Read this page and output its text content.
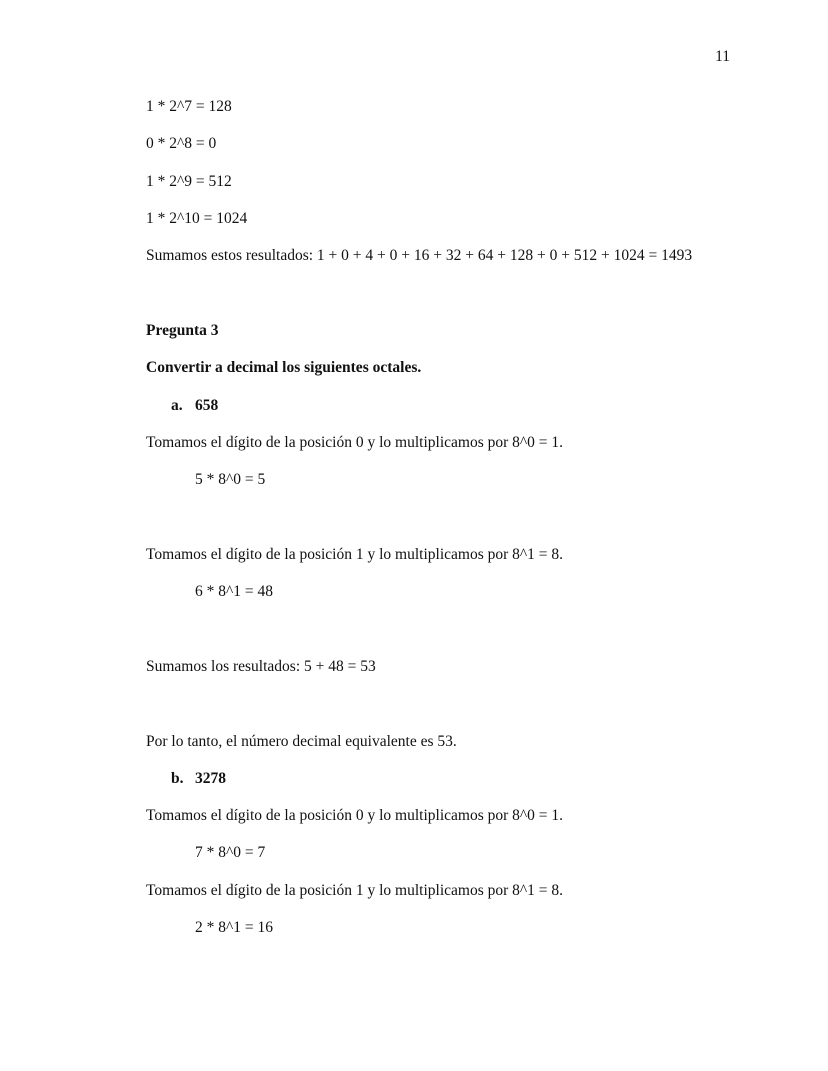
11
1 * 2^7 = 128
0 * 2^8 = 0
1 * 2^9 = 512
1 * 2^10 = 1024
Sumamos estos resultados: 1 + 0 + 4 + 0 + 16 + 32 + 64 + 128 + 0 + 512 + 1024 = 1493
Pregunta 3
Convertir a decimal los siguientes octales.
a. 658
Tomamos el dígito de la posición 0 y lo multiplicamos por 8^0 = 1.
5 * 8^0 = 5
Tomamos el dígito de la posición 1 y lo multiplicamos por 8^1 = 8.
6 * 8^1 = 48
Sumamos los resultados: 5 + 48 = 53
Por lo tanto, el número decimal equivalente es 53.
b. 3278
Tomamos el dígito de la posición 0 y lo multiplicamos por 8^0 = 1.
7 * 8^0 = 7
Tomamos el dígito de la posición 1 y lo multiplicamos por 8^1 = 8.
2 * 8^1 = 16
